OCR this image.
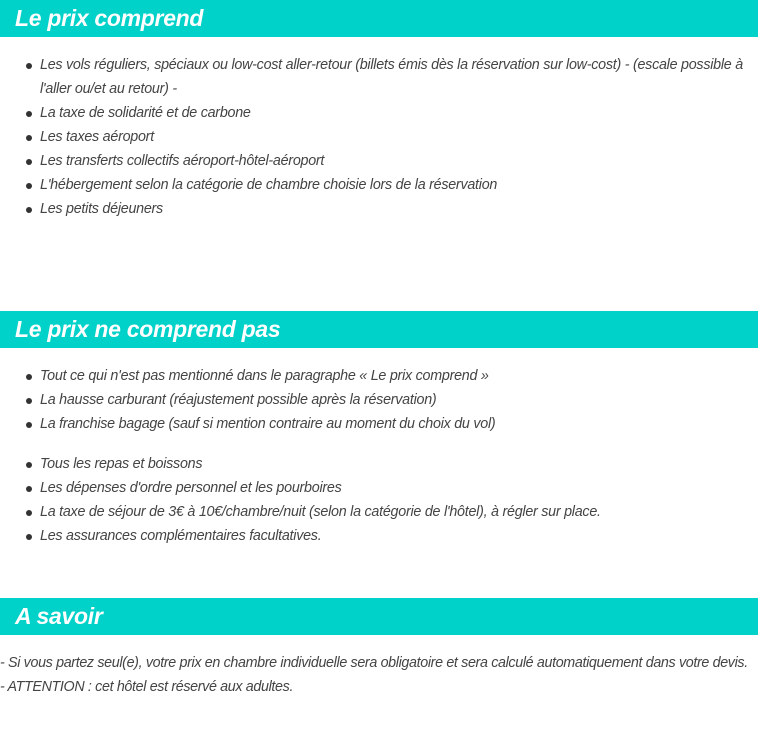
Le prix comprend
Les vols réguliers, spéciaux ou low-cost aller-retour (billets émis dès la réservation sur low-cost) - (escale possible à l'aller ou/et au retour) -
La taxe de solidarité et de carbone
Les taxes aéroport
Les transferts collectifs aéroport-hôtel-aéroport
L'hébergement selon la catégorie de chambre choisie lors de la réservation
Les petits déjeuners
Le prix ne comprend pas
Tout ce qui n'est pas mentionné dans le paragraphe « Le prix comprend »
La hausse carburant (réajustement possible après la réservation)
La franchise bagage (sauf si mention contraire au moment du choix du vol)
Tous les repas et boissons
Les dépenses d'ordre personnel et les pourboires
La taxe de séjour de 3€ à 10€/chambre/nuit (selon la catégorie de l'hôtel), à régler sur place.
Les assurances complémentaires facultatives.
A savoir

- Si vous partez seul(e), votre prix en chambre individuelle sera obligatoire et sera calculé automatiquement dans votre devis.

- ATTENTION : cet hôtel est réservé aux adultes.
